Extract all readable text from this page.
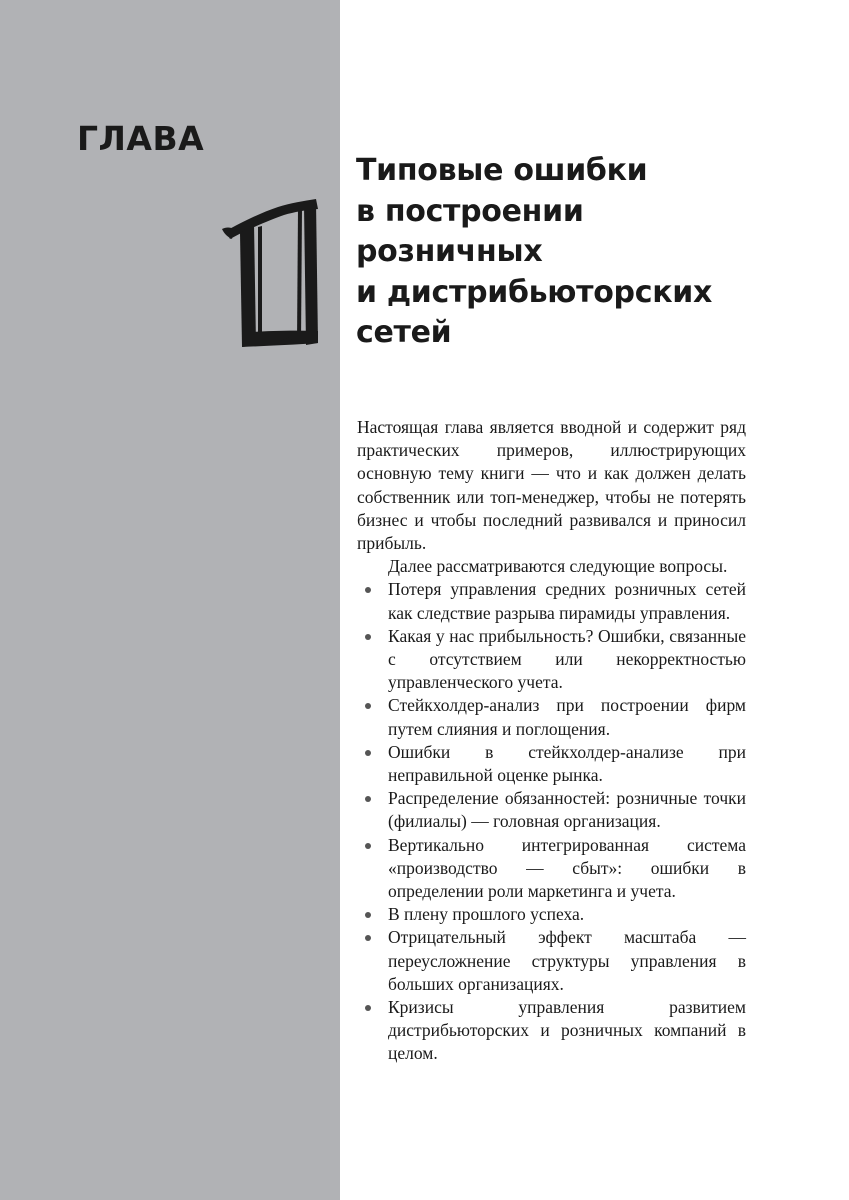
ГЛАВА
Типовые ошибки
в построении
розничных
и дистрибьюторских
сетей

Настоящая глава является вводной и содержит ряд практических примеров, иллюстрирующих основную тему книги — что и как должен делать собственник или топ-менеджер, чтобы не потерять бизнес и чтобы последний развивался и приносил прибыль.

Далее рассматриваются следующие вопросы.

Потеря управления средних розничных сетей как следствие разрыва пирамиды управления.
Какая у нас прибыльность? Ошибки, связанные с отсутствием или некорректностью управленческого учета.
Стейкхолдер-анализ при построении фирм путем слияния и поглощения.
Ошибки в стейкхолдер-анализе при неправильной оценке рынка.
Распределение обязанностей: розничные точки (филиалы) — головная организация.
Вертикально интегрированная система «производство — сбыт»: ошибки в определении роли маркетинга и учета.
В плену прошлого успеха.
Отрицательный эффект масштаба — переусложнение структуры управления в больших организациях.
Кризисы управления развитием дистрибьюторских и розничных компаний в целом.
